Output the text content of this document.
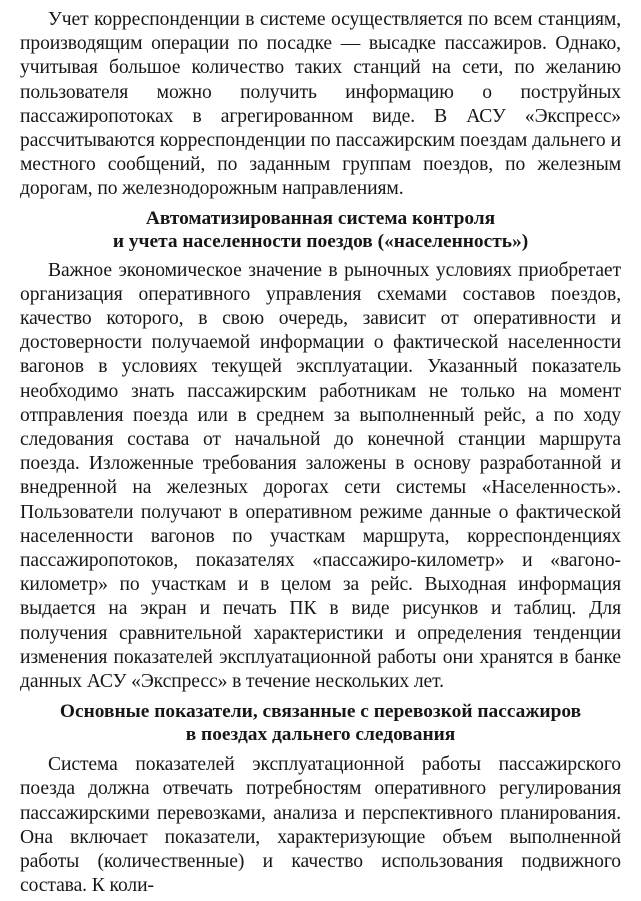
Учет корреспонденции в системе осуществляется по всем станциям, производящим операции по посадке — высадке пассажиров. Однако, учитывая большое количество таких станций на сети, по желанию пользователя можно получить информацию о поструйных пассажиропотоках в агрегированном виде. В АСУ «Экспресс» рассчитываются корреспонденции по пассажирским поездам дальнего и местного сообщений, по заданным группам поездов, по железным дорогам, по железнодорожным направлениям.

Автоматизированная система контроля
и учета населенности поездов («населенность»)

Важное экономическое значение в рыночных условиях приобретает организация оперативного управления схемами составов поездов, качество которого, в свою очередь, зависит от оперативности и достоверности получаемой информации о фактической населенности вагонов в условиях текущей эксплуатации. Указанный показатель необходимо знать пассажирским работникам не только на момент отправления поезда или в среднем за выполненный рейс, а по ходу следования состава от начальной до конечной станции маршрута поезда. Изложенные требования заложены в основу разработанной и внедренной на железных дорогах сети системы «Населенность». Пользователи получают в оперативном режиме данные о фактической населенности вагонов по участкам маршрута, корреспонденциях пассажиропотоков, показателях «пассажиро-километр» и «вагоно-километр» по участкам и в целом за рейс. Выходная информация выдается на экран и печать ПК в виде рисунков и таблиц. Для получения сравнительной характеристики и определения тенденции изменения показателей эксплуатационной работы они хранятся в банке данных АСУ «Экспресс» в течение нескольких лет.

Основные показатели, связанные с перевозкой пассажиров
в поездах дальнего следования

Система показателей эксплуатационной работы пассажирского поезда должна отвечать потребностям оперативного регулирования пассажирскими перевозками, анализа и перспективного планирования. Она включает показатели, характеризующие объем выполненной работы (количественные) и качество использования подвижного состава. К коли-
